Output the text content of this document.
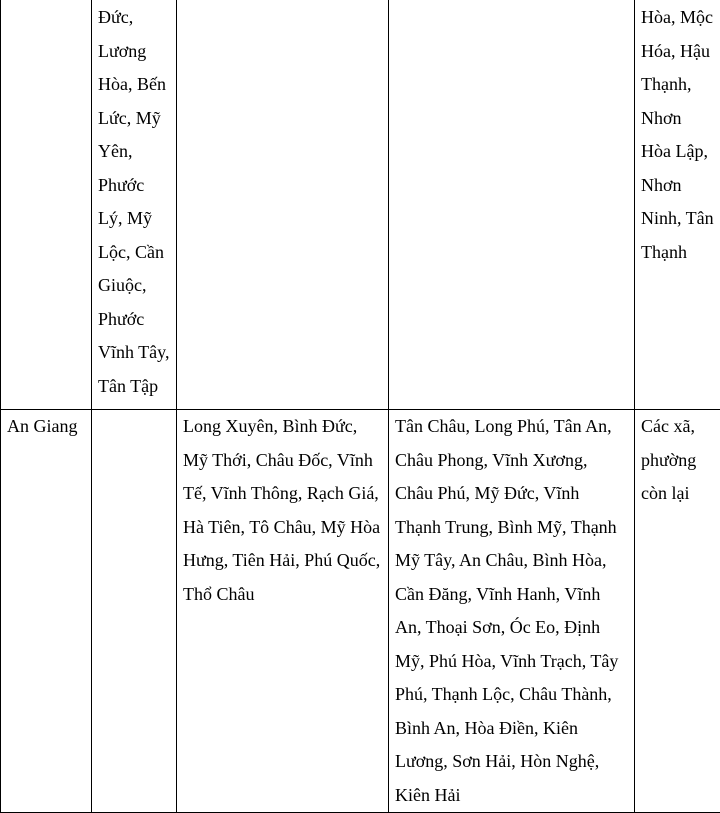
	Đức, Lương Hòa, Bến Lức, Mỹ Yên, Phước Lý, Mỹ Lộc, Cần Giuộc, Phước Vĩnh Tây, Tân Tập			Hòa, Mộc Hóa, Hậu Thạnh, Nhơn Hòa Lập, Nhơn Ninh, Tân Thạnh
An Giang		Long Xuyên, Bình Đức, Mỹ Thới, Châu Đốc, Vĩnh Tế, Vĩnh Thông, Rạch Giá, Hà Tiên, Tô Châu, Mỹ Hòa Hưng, Tiên Hải, Phú Quốc, Thổ Châu	Tân Châu, Long Phú, Tân An, Châu Phong, Vĩnh Xương, Châu Phú, Mỹ Đức, Vĩnh Thạnh Trung, Bình Mỹ, Thạnh Mỹ Tây, An Châu, Bình Hòa, Cần Đăng, Vĩnh Hanh, Vĩnh An, Thoại Sơn, Óc Eo, Định Mỹ, Phú Hòa, Vĩnh Trạch, Tây Phú, Thạnh Lộc, Châu Thành, Bình An, Hòa Điền, Kiên Lương, Sơn Hải, Hòn Nghệ, Kiên Hải	Các xã, phường còn lại
